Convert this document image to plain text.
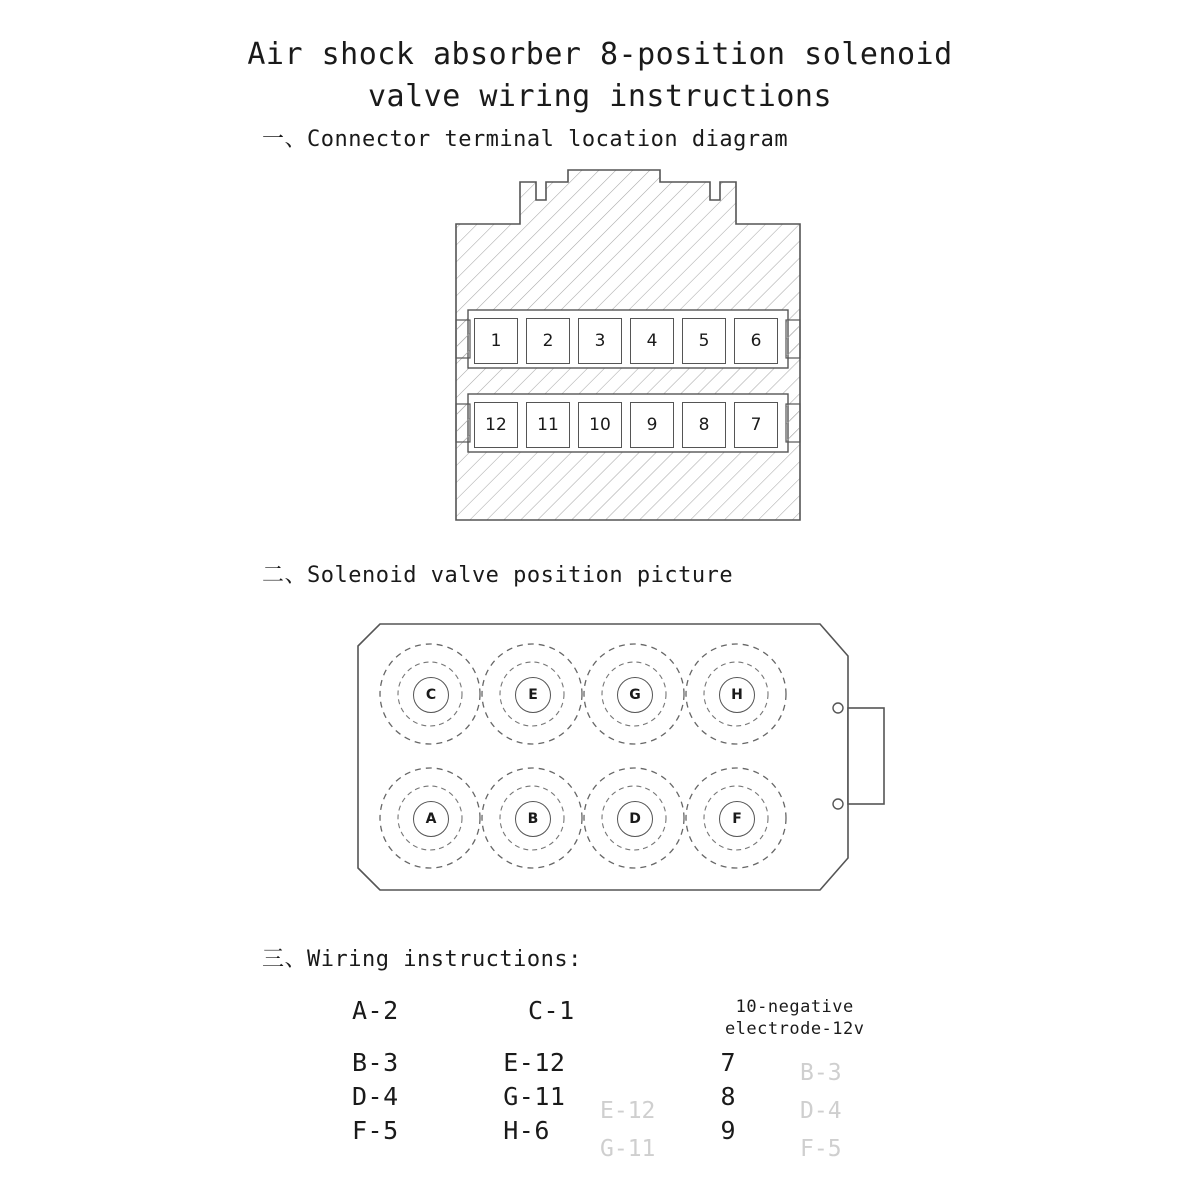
Air shock absorber 8-position solenoid
valve wiring instructions
一、Connector terminal location diagram
1	2	3	4	5	6
12	11	10	9	8	7
二、Solenoid valve position picture
C	E	G	H
A	B	D	F
三、Wiring instructions:
A‑2	C‑1	10‑negative
electrode‑12v
B‑3	E‑12	7
D‑4	G‑11	8
F‑5	H‑6	9
B‑3
D‑4
F‑5
E‑12
G‑11
